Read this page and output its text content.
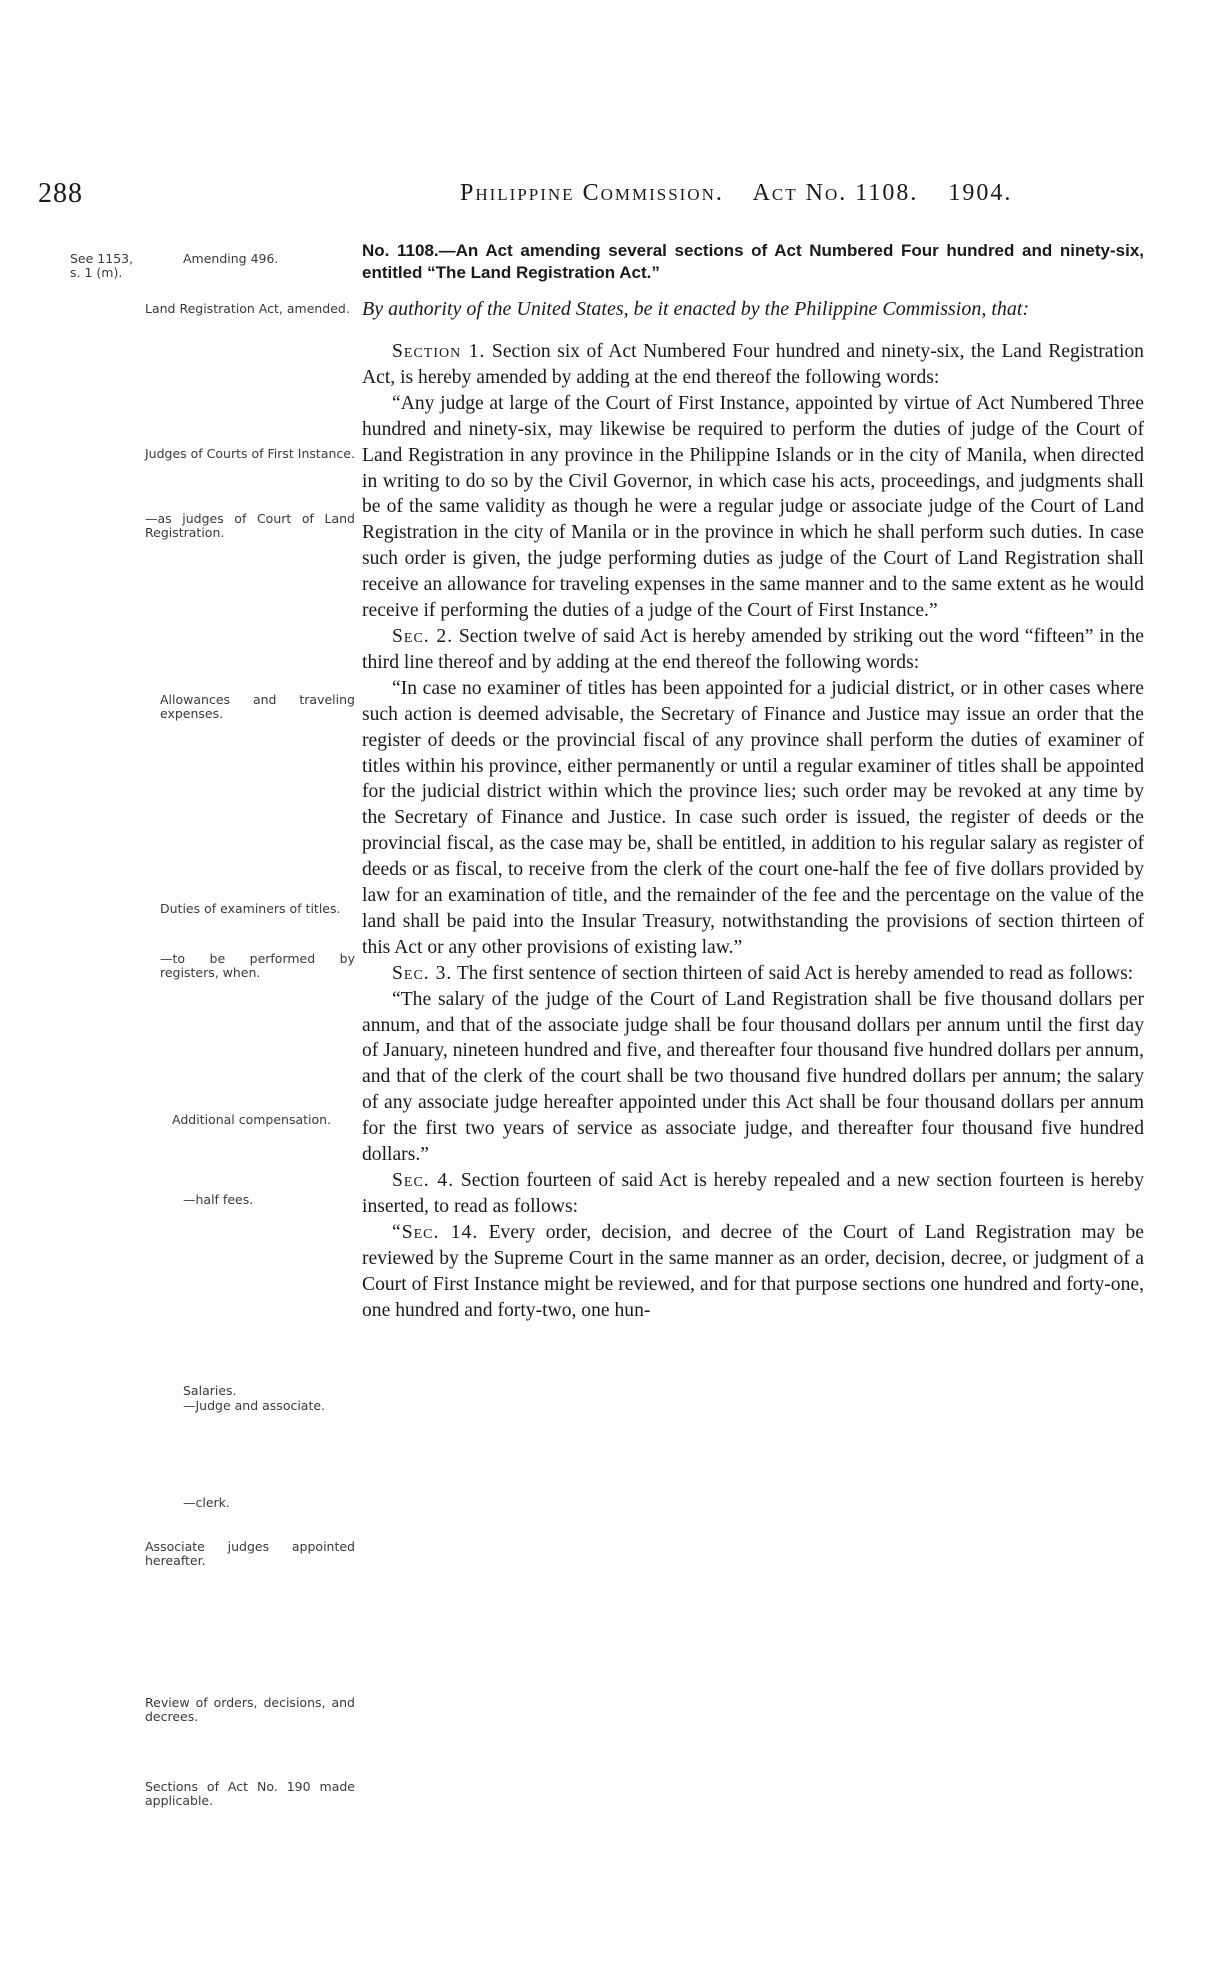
288	Philippine Commission. Act No. 1108. 1904.
See 1153,
s. 1 (m).
Amending 496.
Land Registration Act, amended.
Judges of Courts of First Instance.
—as judges of Court of Land Registration.
Allowances and traveling expenses.
Duties of examiners of titles.
—to be performed by registers, when.
Additional compensation.
—half fees.
Salaries.
—Judge and associate.
—clerk.
Associate judges appointed hereafter.
Review of orders, decisions, and decrees.
Sections of Act No. 190 made applicable.

No. 1108.—An Act amending several sections of Act Numbered Four hundred and ninety-six, entitled “The Land Registration Act.”

By authority of the United States, be it enacted by the Philippine Commission, that:

Section 1. Section six of Act Numbered Four hundred and ninety-six, the Land Registration Act, is hereby amended by adding at the end thereof the following words:

“Any judge at large of the Court of First Instance, appointed by virtue of Act Numbered Three hundred and ninety-six, may likewise be required to perform the duties of judge of the Court of Land Registration in any province in the Philippine Islands or in the city of Manila, when directed in writing to do so by the Civil Governor, in which case his acts, proceedings, and judgments shall be of the same validity as though he were a regular judge or associate judge of the Court of Land Registration in the city of Manila or in the province in which he shall perform such duties. In case such order is given, the judge performing duties as judge of the Court of Land Registration shall receive an allowance for traveling expenses in the same manner and to the same extent as he would receive if performing the duties of a judge of the Court of First Instance.”

Sec. 2. Section twelve of said Act is hereby amended by striking out the word “fifteen” in the third line thereof and by adding at the end thereof the following words:

“In case no examiner of titles has been appointed for a judicial district, or in other cases where such action is deemed advisable, the Secretary of Finance and Justice may issue an order that the register of deeds or the provincial fiscal of any province shall perform the duties of examiner of titles within his province, either permanently or until a regular examiner of titles shall be appointed for the judicial district within which the province lies; such order may be revoked at any time by the Secretary of Finance and Justice. In case such order is issued, the register of deeds or the provincial fiscal, as the case may be, shall be entitled, in addition to his regular salary as register of deeds or as fiscal, to receive from the clerk of the court one-half the fee of five dollars provided by law for an examination of title, and the remainder of the fee and the percentage on the value of the land shall be paid into the Insular Treasury, notwithstanding the provisions of section thirteen of this Act or any other provisions of existing law.”

Sec. 3. The first sentence of section thirteen of said Act is hereby amended to read as follows:

“The salary of the judge of the Court of Land Registration shall be five thousand dollars per annum, and that of the associate judge shall be four thousand dollars per annum until the first day of January, nineteen hundred and five, and thereafter four thousand five hundred dollars per annum, and that of the clerk of the court shall be two thousand five hundred dollars per annum; the salary of any associate judge hereafter appointed under this Act shall be four thousand dollars per annum for the first two years of service as associate judge, and thereafter four thousand five hundred dollars.”

Sec. 4. Section fourteen of said Act is hereby repealed and a new section fourteen is hereby inserted, to read as follows:

“Sec. 14. Every order, decision, and decree of the Court of Land Registration may be reviewed by the Supreme Court in the same manner as an order, decision, decree, or judgment of a Court of First Instance might be reviewed, and for that purpose sections one hundred and forty-one, one hundred and forty-two, one hun-
